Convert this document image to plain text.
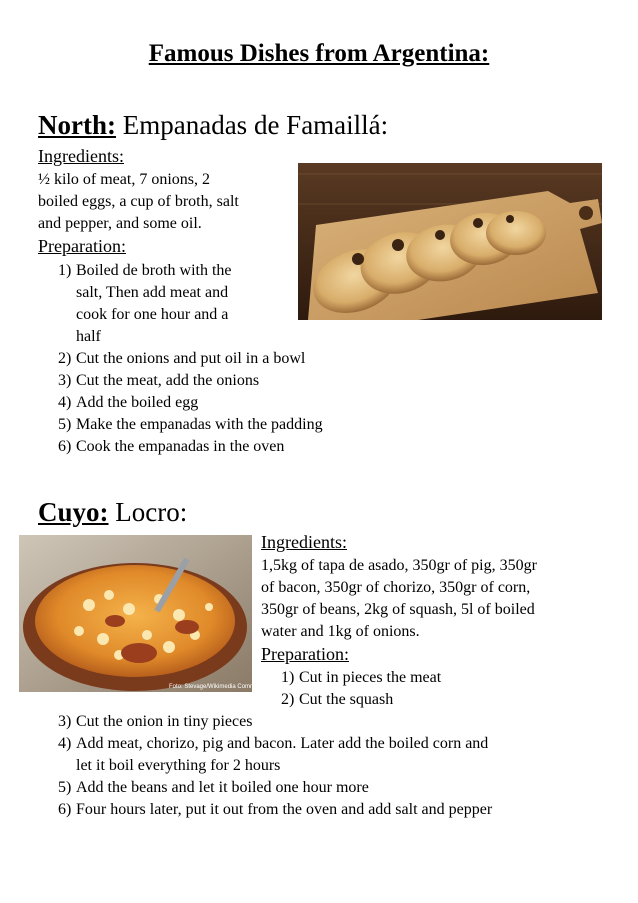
Famous Dishes from Argentina:
North: Empanadas de Famaillá:
Ingredients:
½ kilo of meat, 7 onions, 2
boiled eggs, a cup of broth, salt
and pepper, and some oil.
Preparation:
1) Boiled de broth with the
salt, Then add meat and
cook for one hour and a
half
2) Cut the onions and put oil in a bowl
3) Cut the meat, add the onions
4) Add the boiled egg
5) Make the empanadas with the padding
6) Cook the empanadas in the oven
Cuyo: Locro:
Foto: Stevage/Wikimedia Commons
Ingredients:
1,5kg of tapa de asado, 350gr of pig, 350gr
of bacon, 350gr of chorizo, 350gr of corn,
350gr of beans, 2kg of squash, 5l of boiled
water and 1kg of onions.
Preparation:
1) Cut in pieces the meat
2) Cut the squash
3) Cut the onion in tiny pieces
4) Add meat, chorizo, pig and bacon. Later add the boiled corn and
let it boil everything for 2 hours
5) Add the beans and let it boiled one hour more
6) Four hours later, put it out from the oven and add salt and pepper
